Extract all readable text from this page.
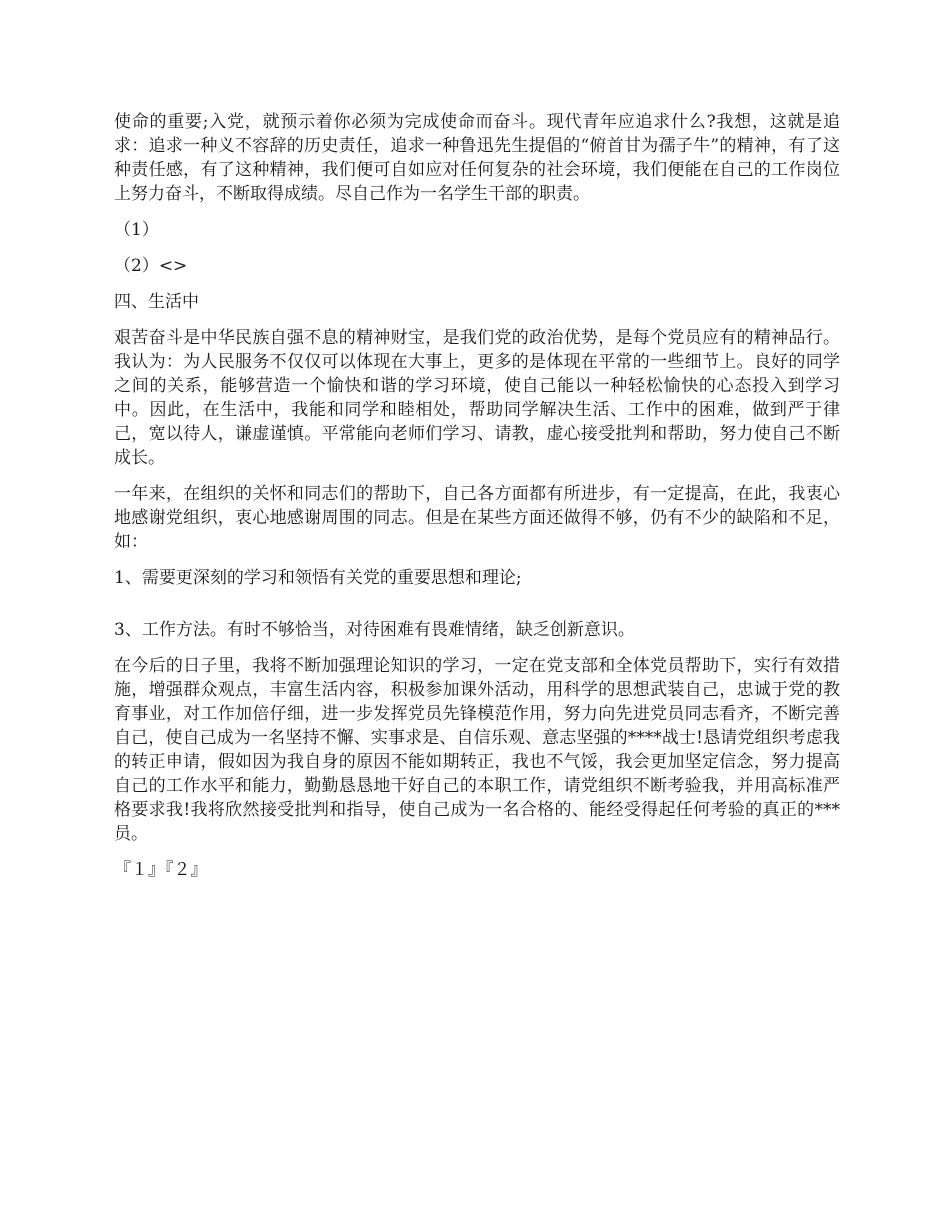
使命的重要;入党，就预示着你必须为完成使命而奋斗。现代青年应追求什么?我想，这就是追求：追求一种义不容辞的历史责任，追求一种鲁迅先生提倡的“俯首甘为孺子牛”的精神，有了这种责任感，有了这种精神，我们便可自如应对任何复杂的社会环境，我们便能在自己的工作岗位上努力奋斗，不断取得成绩。尽自己作为一名学生干部的职责。

（1）

（2）<>

四、生活中

艰苦奋斗是中华民族自强不息的精神财宝，是我们党的政治优势，是每个党员应有的精神品行。我认为：为人民服务不仅仅可以体现在大事上，更多的是体现在平常的一些细节上。良好的同学之间的关系，能够营造一个愉快和谐的学习环境，使自己能以一种轻松愉快的心态投入到学习中。因此，在生活中，我能和同学和睦相处，帮助同学解决生活、工作中的困难，做到严于律己，宽以待人，谦虚谨慎。平常能向老师们学习、请教，虚心接受批判和帮助，努力使自己不断成长。

一年来，在组织的关怀和同志们的帮助下，自己各方面都有所进步，有一定提高，在此，我衷心地感谢党组织，衷心地感谢周围的同志。但是在某些方面还做得不够，仍有不少的缺陷和不足，如：

1、需要更深刻的学习和领悟有关党的重要思想和理论;

3、工作方法。有时不够恰当，对待困难有畏难情绪，缺乏创新意识。

在今后的日子里，我将不断加强理论知识的学习，一定在党支部和全体党员帮助下，实行有效措施，增强群众观点，丰富生活内容，积极参加课外活动，用科学的思想武装自己，忠诚于党的教育事业，对工作加倍仔细，进一步发挥党员先锋模范作用，努力向先进党员同志看齐，不断完善自己，使自己成为一名坚持不懈、实事求是、自信乐观、意志坚强的****战士!恳请党组织考虑我的转正申请，假如因为我自身的原因不能如期转正，我也不气馁，我会更加坚定信念，努力提高自己的工作水平和能力，勤勤恳恳地干好自己的本职工作，请党组织不断考验我，并用高标准严格要求我!我将欣然接受批判和指导，使自己成为一名合格的、能经受得起任何考验的真正的***员。

『１』『２』
